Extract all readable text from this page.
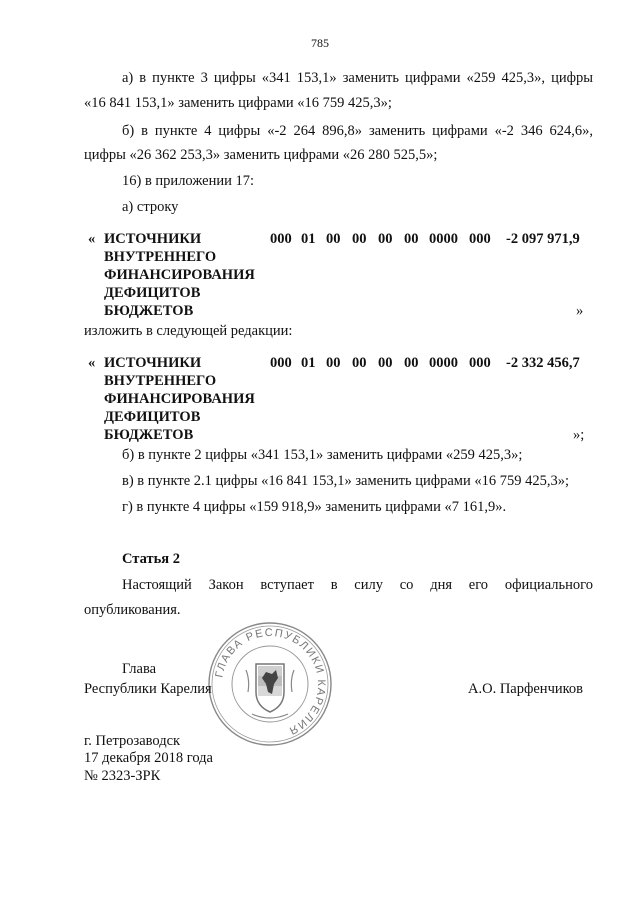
785
а) в пункте 3 цифры «341 153,1» заменить цифрами «259 425,3», цифры
«16 841 153,1» заменить цифрами «16 759 425,3»;
б) в пункте 4 цифры «-2 264 896,8» заменить цифрами «-2 346 624,6»,
цифры «26 362 253,3» заменить цифрами «26 280 525,5»;
16) в приложении 17:
а) строку
« ИСТОЧНИКИ
ВНУТРЕННЕГО
ФИНАНСИРОВАНИЯ
ДЕФИЦИТОВ
БЮДЖЕТОВ
000 01 00 00 00 00 0000 000 -2 097 971,9
»
изложить в следующей редакции:
« ИСТОЧНИКИ
ВНУТРЕННЕГО
ФИНАНСИРОВАНИЯ
ДЕФИЦИТОВ
БЮДЖЕТОВ
000 01 00 00 00 00 0000 000 -2 332 456,7
»;
б) в пункте 2 цифры «341 153,1» заменить цифрами «259 425,3»;
в) в пункте 2.1 цифры «16 841 153,1» заменить цифрами «16 759 425,3»;
г) в пункте 4 цифры «159 918,9» заменить цифрами «7 161,9».
Статья 2
Настоящий Закон вступает в силу со дня его официального
опубликования.
ГЛАВА РЕСПУБЛИКИ КАРЕЛИЯ
Глава
Республики Карелия	А.О. Парфенчиков
г. Петрозаводск
17 декабря 2018 года
№ 2323-ЗРК
